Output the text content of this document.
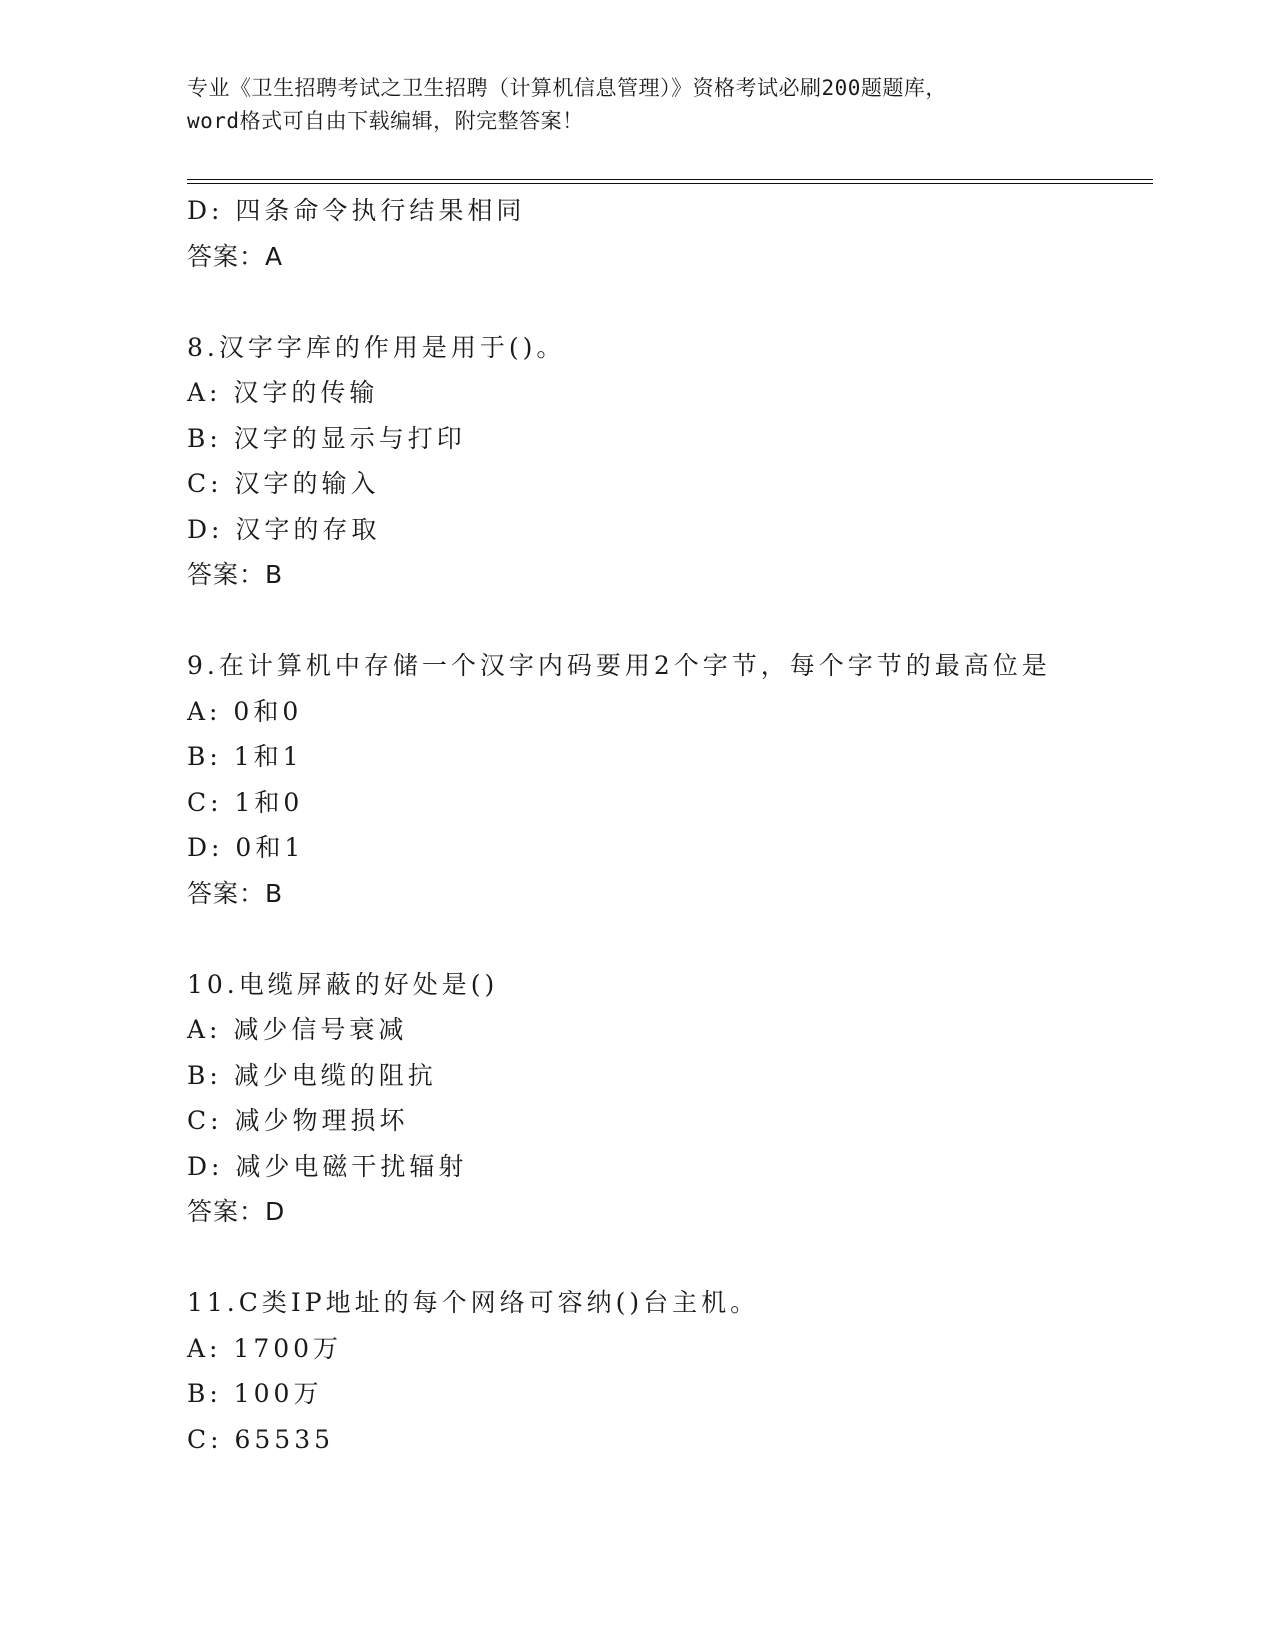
专业《卫生招聘考试之卫生招聘（计算机信息管理）》资格考试必刷200题题库，
word格式可自由下载编辑，附完整答案！
D: 四条命令执行结果相同
答案：A
8.汉字字库的作用是用于()。
A: 汉字的传输
B: 汉字的显示与打印
C: 汉字的输入
D: 汉字的存取
答案：B
9.在计算机中存储一个汉字内码要用2个字节，每个字节的最高位是
A: 0和0
B: 1和1
C: 1和0
D: 0和1
答案：B
10.电缆屏蔽的好处是()
A: 减少信号衰减
B: 减少电缆的阻抗
C: 减少物理损坏
D: 减少电磁干扰辐射
答案：D
11.C类IP地址的每个网络可容纳()台主机。
A: 1700万
B: 100万
C: 65535
